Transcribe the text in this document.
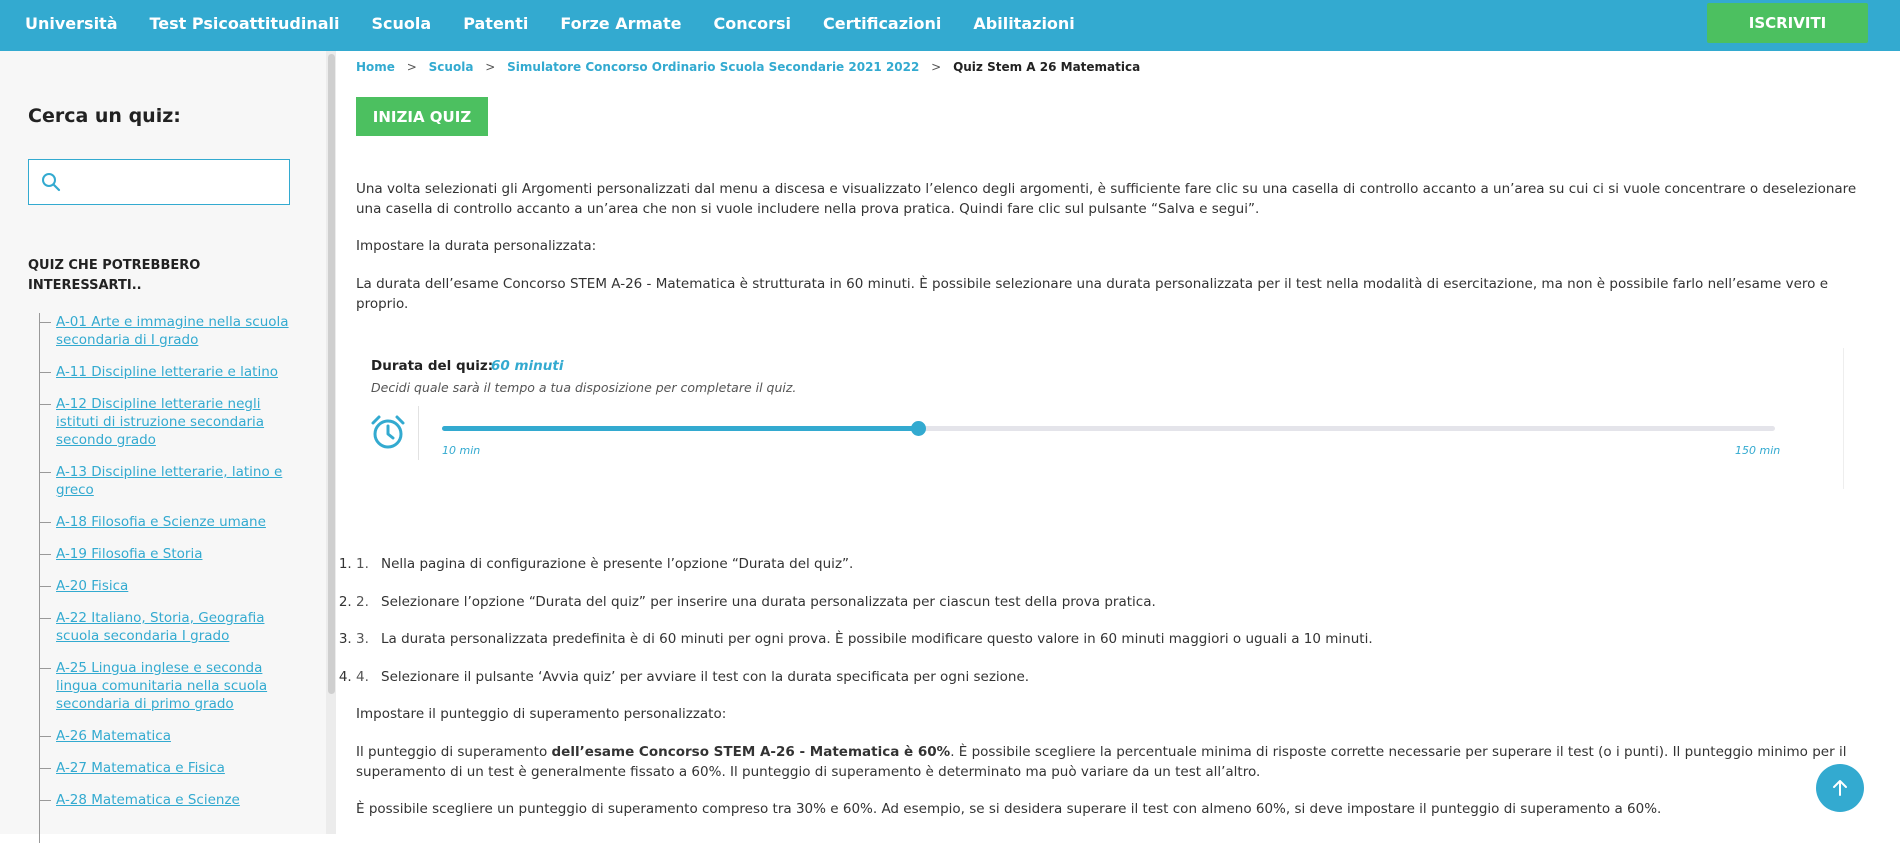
Università Test Psicoattitudinali Scuola Patenti Forze Armate Concorsi Certificazioni Abilitazioni	ISCRIVITI
Cerca un quiz:
QUIZ CHE POTREBBERO INTERESSARTI..
A-01 Arte e immagine nella scuola secondaria di I grado
A-11 Discipline letterarie e latino
A-12 Discipline letterarie negli istituti di istruzione secondaria secondo grado
A-13 Discipline letterarie, latino e greco
A-18 Filosofia e Scienze umane
A-19 Filosofia e Storia
A-20 Fisica
A-22 Italiano, Storia, Geografia scuola secondaria I grado
A-25 Lingua inglese e seconda lingua comunitaria nella scuola secondaria di primo grado
A-26 Matematica
A-27 Matematica e Fisica
A-28 Matematica e Scienze
Home > Scuola > Simulatore Concorso Ordinario Scuola Secondarie 2021 2022 > Quiz Stem A 26 Matematica
INIZIA QUIZ

Una volta selezionati gli Argomenti personalizzati dal menu a discesa e visualizzato l’elenco degli argomenti, è sufficiente fare clic su una casella di controllo accanto a un’area su cui ci si vuole concentrare o deselezionare una casella di controllo accanto a un’area che non si vuole includere nella prova pratica. Quindi fare clic sul pulsante “Salva e segui”.

Impostare la durata personalizzata:

La durata dell’esame Concorso STEM A-26 - Matematica è strutturata in 60 minuti. È possibile selezionare una durata personalizzata per il test nella modalità di esercitazione, ma non è possibile farlo nell’esame vero e proprio.

Durata del quiz:
60 minuti
Decidi quale sarà il tempo a tua disposizione per completare il quiz.
10 min	150 min
1. 1. Nella pagina di configurazione è presente l’opzione “Durata del quiz”.
2. 2. Selezionare l’opzione “Durata del quiz” per inserire una durata personalizzata per ciascun test della prova pratica.
3. 3. La durata personalizzata predefinita è di 60 minuti per ogni prova. È possibile modificare questo valore in 60 minuti maggiori o uguali a 10 minuti.
4. 4. Selezionare il pulsante ‘Avvia quiz’ per avviare il test con la durata specificata per ogni sezione.

Impostare il punteggio di superamento personalizzato:

Il punteggio di superamento dell’esame Concorso STEM A-26 - Matematica è 60%. È possibile scegliere la percentuale minima di risposte corrette necessarie per superare il test (o i punti). Il punteggio minimo per il superamento di un test è generalmente fissato a 60%. Il punteggio di superamento è determinato ma può variare da un test all’altro.

È possibile scegliere un punteggio di superamento compreso tra 30% e 60%. Ad esempio, se si desidera superare il test con almeno 60%, si deve impostare il punteggio di superamento a 60%.
